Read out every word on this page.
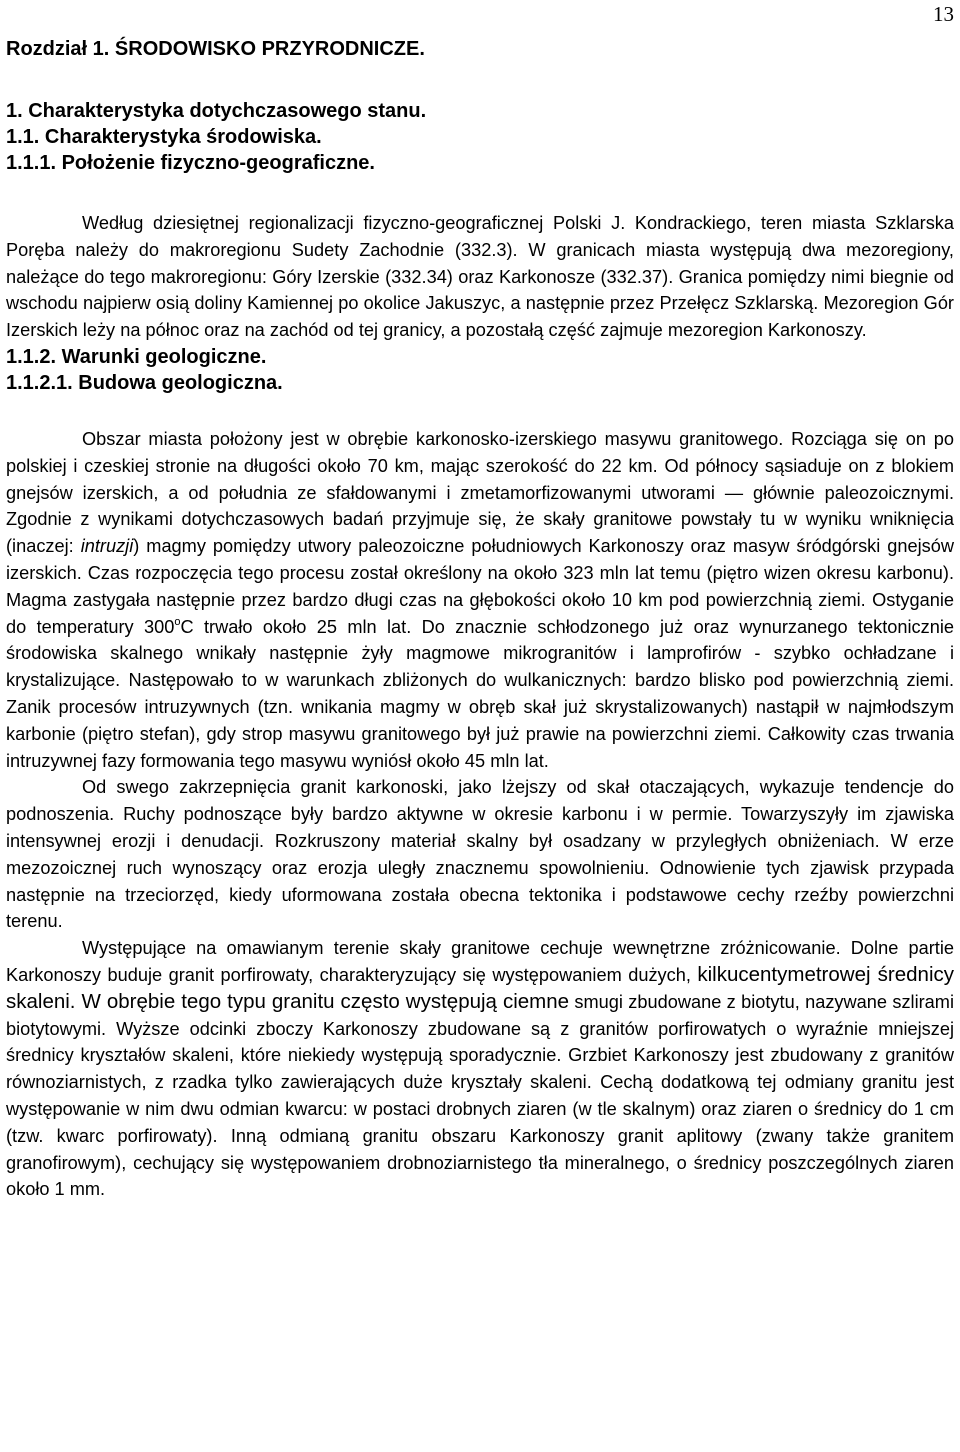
13
Rozdział 1. ŚRODOWISKO PRZYRODNICZE.
1. Charakterystyka dotychczasowego stanu.
1.1. Charakterystyka środowiska.
1.1.1. Położenie fizyczno-geograficzne.

Według dziesiętnej regionalizacji fizyczno-geograficznej Polski J. Kondrackiego, teren miasta Szklarska Poręba należy do makroregionu Sudety Zachodnie (332.3). W granicach miasta występują dwa mezoregiony, należące do tego makroregionu: Góry Izerskie (332.34) oraz Karkonosze (332.37). Granica pomiędzy nimi biegnie od wschodu najpierw osią doliny Kamiennej po okolice Jakuszyc, a następnie przez Przełęcz Szklarską. Mezoregion Gór Izerskich leży na północ oraz na zachód od tej granicy, a pozostałą część zajmuje mezoregion Karkonoszy.

1.1.2. Warunki geologiczne.
1.1.2.1. Budowa geologiczna.

Obszar miasta położony jest w obrębie karkonosko-izerskiego masywu granitowego. Rozciąga się on po polskiej i czeskiej stronie na długości około 70 km, mając szerokość do 22 km. Od północy sąsiaduje on z blokiem gnejsów izerskich, a od południa ze sfałdowanymi i zmetamorfizowanymi utworami — głównie paleozoicznymi. Zgodnie z wynikami dotychczasowych badań przyjmuje się, że skały granitowe powstały tu w wyniku wniknięcia (inaczej: intruzji) magmy pomiędzy utwory paleozoiczne południowych Karkonoszy oraz masyw śródgórski gnejsów izerskich. Czas rozpoczęcia tego procesu został określony na około 323 mln lat temu (piętro wizen okresu karbonu). Magma zastygała następnie przez bardzo długi czas na głębokości około 10 km pod powierzchnią ziemi. Ostyganie do temperatury 300$^o$C trwało około 25 mln lat. Do znacznie schłodzonego już oraz wynurzanego tektonicznie środowiska skalnego wnikały następnie żyły magmowe mikrogranitów i lamprofirów - szybko ochładzane i krystalizujące. Następowało to w warunkach zbliżonych do wulkanicznych: bardzo blisko pod powierzchnią ziemi. Zanik procesów intruzywnych (tzn. wnikania magmy w obręb skał już skrystalizowanych) nastąpił w najmłodszym karbonie (piętro stefan), gdy strop masywu granitowego był już prawie na powierzchni ziemi. Całkowity czas trwania intruzywnej fazy formowania tego masywu wyniósł około 45 mln lat.

Od swego zakrzepnięcia granit karkonoski, jako lżejszy od skał otaczających, wykazuje tendencje do podnoszenia. Ruchy podnoszące były bardzo aktywne w okresie karbonu i w permie. Towarzyszyły im zjawiska intensywnej erozji i denudacji. Rozkruszony materiał skalny był osadzany w przyległych obniżeniach. W erze mezozoicznej ruch wynoszący oraz erozja uległy znacznemu spowolnieniu. Odnowienie tych zjawisk przypada następnie na trzeciorzęd, kiedy uformowana została obecna tektonika i podstawowe cechy rzeźby powierzchni terenu.

Występujące na omawianym terenie skały granitowe cechuje wewnętrzne zróżnicowanie. Dolne partie Karkonoszy buduje granit porfirowaty, charakteryzujący się występowaniem dużych, kilkucentymetrowej średnicy skaleni. W obrębie tego typu granitu często występują ciemne smugi zbudowane z biotytu, nazywane szlirami biotytowymi. Wyższe odcinki zboczy Karkonoszy zbudowane są z granitów porfirowatych o wyraźnie mniejszej średnicy kryształów skaleni, które niekiedy występują sporadycznie. Grzbiet Karkonoszy jest zbudowany z granitów równoziarnistych, z rzadka tylko zawierających duże kryształy skaleni. Cechą dodatkową tej odmiany granitu jest występowanie w nim dwu odmian kwarcu: w postaci drobnych ziaren (w tle skalnym) oraz ziaren o średnicy do 1 cm (tzw. kwarc porfirowaty). Inną odmianą granitu obszaru Karkonoszy granit aplitowy (zwany także granitem granofirowym), cechujący się występowaniem drobnoziarnistego tła mineralnego, o średnicy poszczególnych ziaren około 1 mm.
